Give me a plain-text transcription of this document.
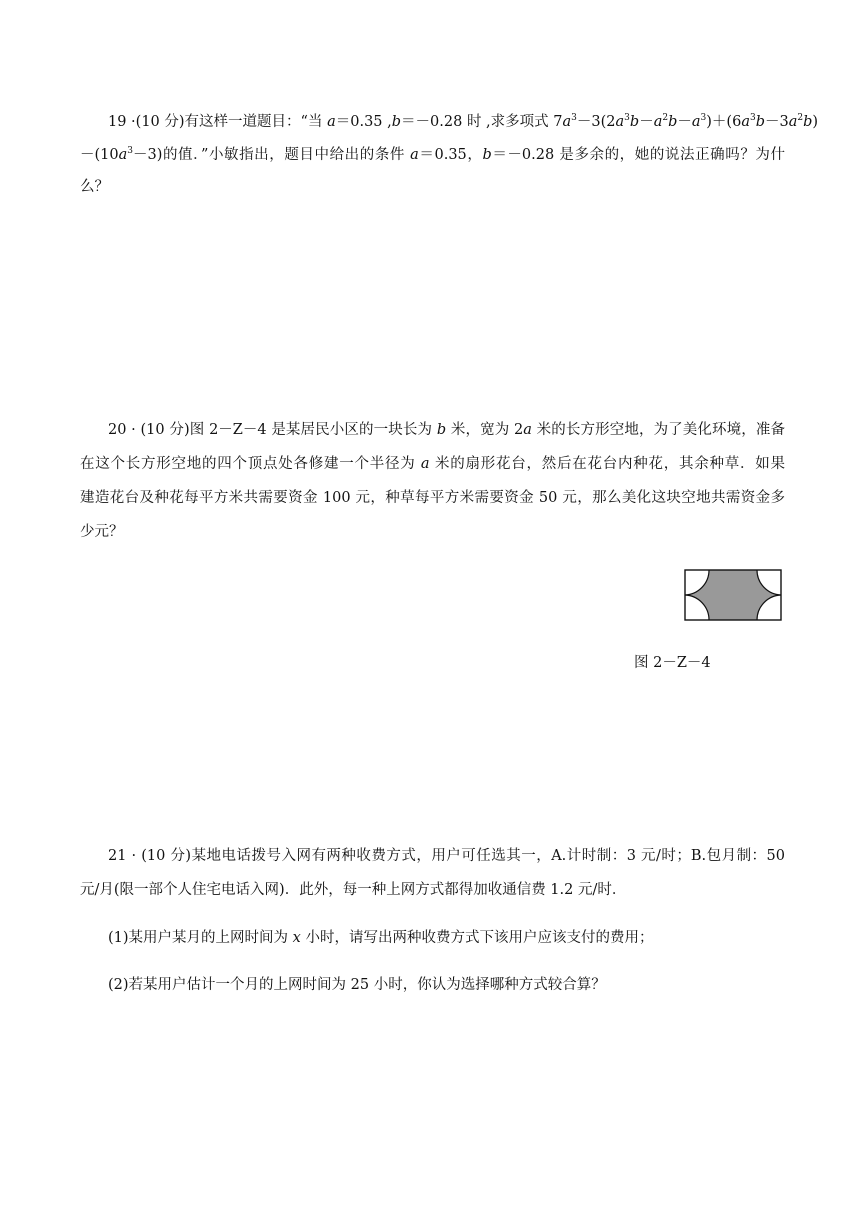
19 ·(10 分)有这样一道题目：“当 a＝0.35 ,b＝－0.28 时 ,求多项式 $7a^3-3(2a^3b-a^2b-a^3)+(6a^3b-3a^2b)$
$-(10a^3-3)$的值．”小敏指出，题目中给出的条件 a＝0.35，b＝－0.28 是多余的，她的说法正确吗？为什
么？
20 · (10 分)图 2－Z－4 是某居民小区的一块长为 b 米，宽为 2a 米的长方形空地，为了美化环境，准备
在这个长方形空地的四个顶点处各修建一个半径为 a 米的扇形花台，然后在花台内种花，其余种草．如果
建造花台及种花每平方米共需要资金 100 元，种草每平方米需要资金 50 元，那么美化这块空地共需资金多
少元？
图 2－Z－4
21 · (10 分)某地电话拨号入网有两种收费方式，用户可任选其一，A.计时制：3 元/时；B.包月制：50
元/月(限一部个人住宅电话入网)．此外，每一种上网方式都得加收通信费 1.2 元/时．
(1)某用户某月的上网时间为 x 小时，请写出两种收费方式下该用户应该支付的费用；
(2)若某用户估计一个月的上网时间为 25 小时，你认为选择哪种方式较合算？
